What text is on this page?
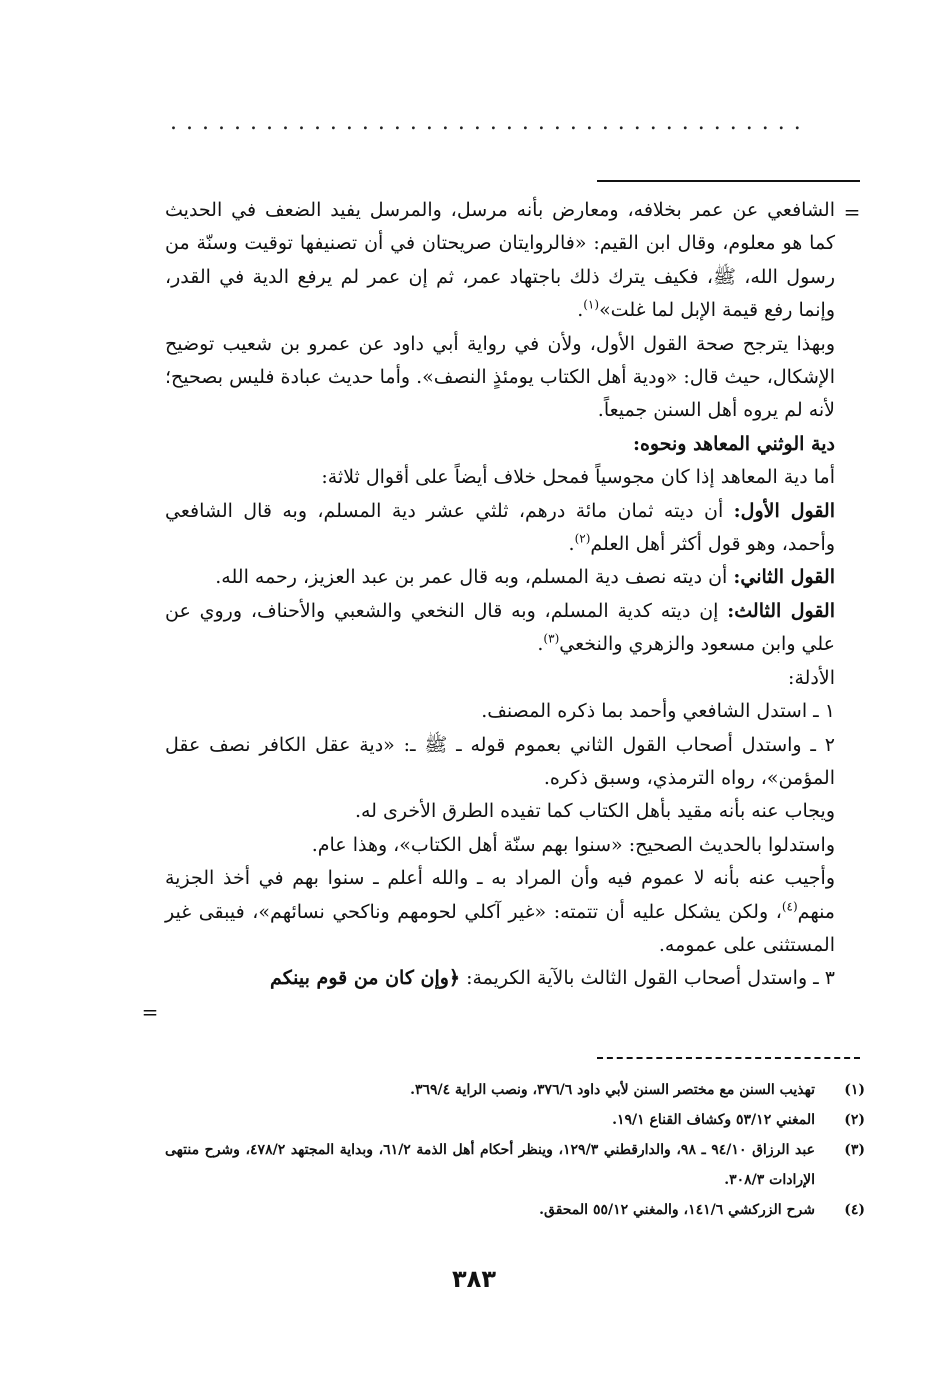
........................................
=

الشافعي عن عمر بخلافه، ومعارض بأنه مرسل، والمرسل يفيد الضعف في الحديث كما هو معلوم، وقال ابن القيم: «فالروايتان صريحتان في أن تصنيفها توقيت وسنّة من رسول الله، ﷺ، فكيف يترك ذلك باجتهاد عمر، ثم إن عمر لم يرفع الدية في القدر، وإنما رفع قيمة الإبل لما غلت»$^{(١)}$.

وبهذا يترجح صحة القول الأول، ولأن في رواية أبي داود عن عمرو بن شعيب توضيح الإشكال، حيث قال: «ودية أهل الكتاب يومئذٍ النصف». وأما حديث عبادة فليس بصحيح؛ لأنه لم يروه أهل السنن جميعاً.

دية الوثني المعاهد ونحوه:

أما دية المعاهد إذا كان مجوسياً فمحل خلاف أيضاً على أقوال ثلاثة:

القول الأول: أن ديته ثمان مائة درهم، ثلثي عشر دية المسلم، وبه قال الشافعي وأحمد، وهو قول أكثر أهل العلم$^{(٢)}$.

القول الثاني: أن ديته نصف دية المسلم، وبه قال عمر بن عبد العزيز، رحمه الله.

القول الثالث: إن ديته كدية المسلم، وبه قال النخعي والشعبي والأحناف، وروي عن علي وابن مسعود والزهري والنخعي$^{(٣)}$.

الأدلة:

١ ـ استدل الشافعي وأحمد بما ذكره المصنف.

٢ ـ واستدل أصحاب القول الثاني بعموم قوله ـ ﷺ ـ: «دية عقل الكافر نصف عقل المؤمن»، رواه الترمذي، وسبق ذكره.

ويجاب عنه بأنه مقيد بأهل الكتاب كما تفيده الطرق الأخرى له.

واستدلوا بالحديث الصحيح: «سنوا بهم سنّة أهل الكتاب»، وهذا عام.

وأجيب عنه بأنه لا عموم فيه وأن المراد به ـ والله أعلم ـ سنوا بهم في أخذ الجزية منهم$^{(٤)}$، ولكن يشكل عليه أن تتمته: «غير آكلي لحومهم وناكحي نسائهم»، فيبقى غير المستثنى على عمومه.

٣ ـ واستدل أصحاب القول الثالث بالآية الكريمة: ﴿وإن كان من قوم بينكم

=
(١)
تهذيب السنن مع مختصر السنن لأبي داود ٣٧٦/٦، ونصب الراية ٣٦٩/٤.
(٢)
المغني ٥٣/١٢ وكشاف القناع ١٩/١.
(٣)
عبد الرزاق ٩٤/١٠ ـ ٩٨، والدارقطني ١٢٩/٣، وينظر أحكام أهل الذمة ٦١/٢، وبداية المجتهد ٤٧٨/٢، وشرح منتهى الإرادات ٣٠٨/٣.
(٤)
شرح الزركشي ١٤١/٦، والمغني ٥٥/١٢ المحقق.
٣٨٣
